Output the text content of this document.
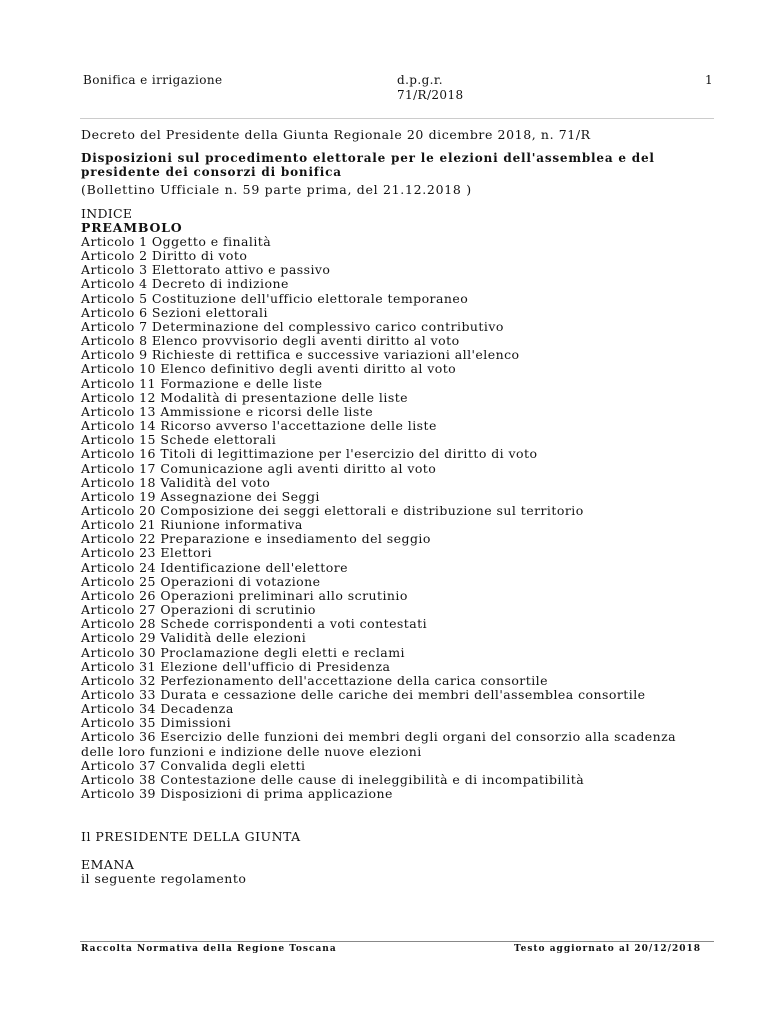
Bonifica e irrigazione	d.p.g.r.
71/R/2018
1
Decreto del Presidente della Giunta Regionale 20 dicembre 2018, n. 71/R
Disposizioni sul procedimento elettorale per le elezioni dell'assemblea e del presidente dei consorzi di bonifica
(Bollettino Ufficiale n. 59 parte prima, del 21.12.2018 )
INDICE
PREAMBOLO
Articolo 1 Oggetto e finalità
Articolo 2 Diritto di voto
Articolo 3 Elettorato attivo e passivo
Articolo 4 Decreto di indizione
Articolo 5 Costituzione dell'ufficio elettorale temporaneo
Articolo 6 Sezioni elettorali
Articolo 7 Determinazione del complessivo carico contributivo
Articolo 8 Elenco provvisorio degli aventi diritto al voto
Articolo 9 Richieste di rettifica e successive variazioni all'elenco
Articolo 10 Elenco definitivo degli aventi diritto al voto
Articolo 11 Formazione e delle liste
Articolo 12 Modalità di presentazione delle liste
Articolo 13 Ammissione e ricorsi delle liste
Articolo 14 Ricorso avverso l'accettazione delle liste
Articolo 15 Schede elettorali
Articolo 16 Titoli di legittimazione per l'esercizio del diritto di voto
Articolo 17 Comunicazione agli aventi diritto al voto
Articolo 18 Validità del voto
Articolo 19 Assegnazione dei Seggi
Articolo 20 Composizione dei seggi elettorali e distribuzione sul territorio
Articolo 21 Riunione informativa
Articolo 22 Preparazione e insediamento del seggio
Articolo 23 Elettori
Articolo 24 Identificazione dell'elettore
Articolo 25 Operazioni di votazione
Articolo 26 Operazioni preliminari allo scrutinio
Articolo 27 Operazioni di scrutinio
Articolo 28 Schede corrispondenti a voti contestati
Articolo 29 Validità delle elezioni
Articolo 30 Proclamazione degli eletti e reclami
Articolo 31 Elezione dell'ufficio di Presidenza
Articolo 32 Perfezionamento dell'accettazione della carica consortile
Articolo 33 Durata e cessazione delle cariche dei membri dell'assemblea consortile
Articolo 34 Decadenza
Articolo 35 Dimissioni
Articolo 36 Esercizio delle funzioni dei membri degli organi del consorzio alla scadenza delle loro funzioni e indizione delle nuove elezioni
Articolo 37 Convalida degli eletti
Articolo 38 Contestazione delle cause di ineleggibilità e di incompatibilità
Articolo 39 Disposizioni di prima applicazione
Il PRESIDENTE DELLA GIUNTA
EMANA
il seguente regolamento
Raccolta Normativa della Regione Toscana	Testo aggiornato al 20/12/2018
